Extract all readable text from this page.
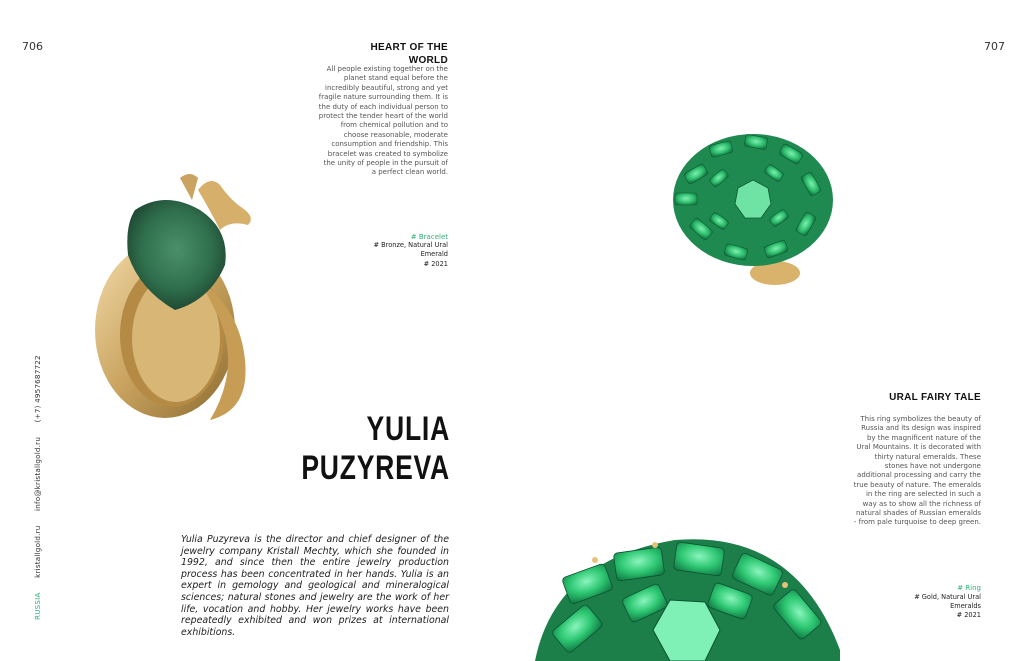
706	HEART OF THE WORLD
All people existing together on the planet stand equal before the incredibly beautiful, strong and yet fragile nature surrounding them. It is the duty of each individual person to protect the tender heart of the world from chemical pollution and to choose reasonable, moderate consumption and friendship. This bracelet was created to symbolize the unity of people in the pursuit of a perfect clean world.
# Bracelet
# Bronze, Natural Ural Emerald
# 2021
YULIA
PUZYREVA
Yulia Puzyreva is the director and chief designer of the jewelry company Kristall Mechty, which she founded in 1992, and since then the entire jewelry production process has been concentrated in her hands. Yulia is an expert in gemology and geological and mineralogical sciences; natural stones and jewelry are the work of her life, vocation and hobby. Her jewelry works have been repeatedly exhibited and won prizes at international exhibitions.
RUSSIA kristallgold.ru info@kristallgold.ru (+7) 4957687722
707
URAL FAIRY TALE
This ring symbolizes the beauty of Russia and its design was inspired by the magnificent nature of the Ural Mountains. It is decorated with thirty natural emeralds. These stones have not undergone additional processing and carry the true beauty of nature. The emeralds in the ring are selected in such a way as to show all the richness of natural shades of Russian emeralds - from pale turquoise to deep green.
# Ring
# Gold, Natural Ural Emeralds
# 2021
